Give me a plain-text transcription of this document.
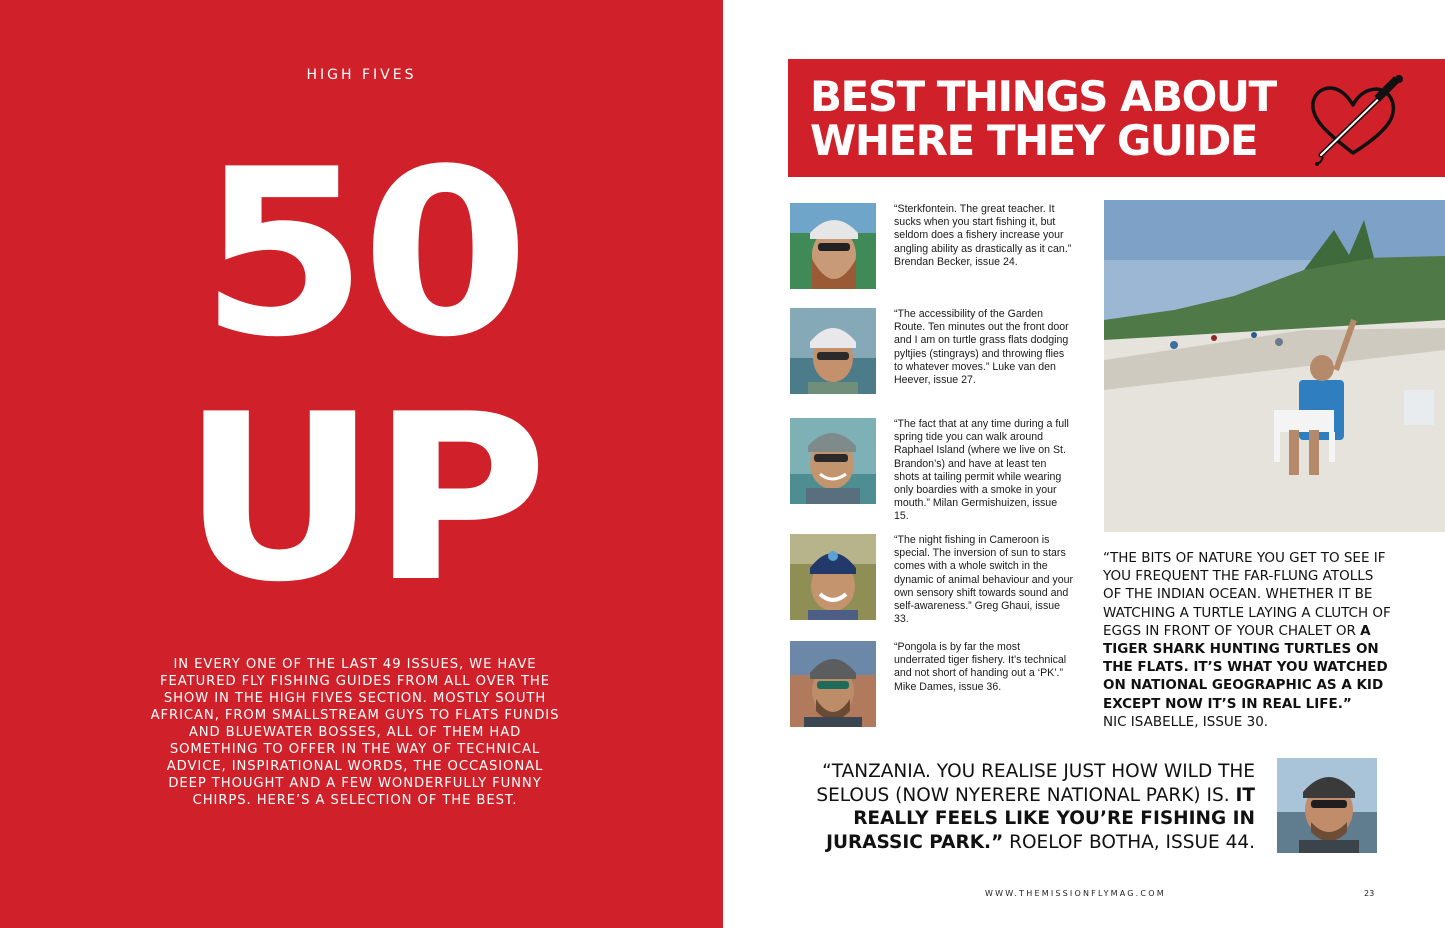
HIGH FIVES
50
UP

IN EVERY ONE OF THE LAST 49 ISSUES, WE HAVE FEATURED FLY FISHING GUIDES FROM ALL OVER THE SHOW IN THE HIGH FIVES SECTION. MOSTLY SOUTH AFRICAN, FROM SMALLSTREAM GUYS TO FLATS FUNDIS AND BLUEWATER BOSSES, ALL OF THEM HAD SOMETHING TO OFFER IN THE WAY OF TECHNICAL ADVICE, INSPIRATIONAL WORDS, THE OCCASIONAL DEEP THOUGHT AND A FEW WONDERFULLY FUNNY CHIRPS. HERE’S A SELECTION OF THE BEST.

BEST THINGS ABOUT WHERE THEY GUIDE

“Sterkfontein. The great teacher. It sucks when you start fishing it, but seldom does a fishery increase your angling ability as drastically as it can.” Brendan Becker, issue 24.

“The accessibility of the Garden Route. Ten minutes out the front door and I am on turtle grass flats dodging pyltjies (stingrays) and throwing flies to whatever moves.” Luke van den Heever, issue 27.

“The fact that at any time during a full spring tide you can walk around Raphael Island (where we live on St. Brandon’s) and have at least ten shots at tailing permit while wearing only boardies with a smoke in your mouth.” Milan Germishuizen, issue 15.

“The night fishing in Cameroon is special. The inversion of sun to stars comes with a whole switch in the dynamic of animal behaviour and your own sensory shift towards sound and self-awareness.” Greg Ghaui, issue 33.

“Pongola is by far the most underrated tiger fishery. It’s technical and not short of handing out a ‘PK’.” Mike Dames, issue 36.

“THE BITS OF NATURE YOU GET TO SEE IF YOU FREQUENT THE FAR-FLUNG ATOLLS OF THE INDIAN OCEAN. WHETHER IT BE WATCHING A TURTLE LAYING A CLUTCH OF EGGS IN FRONT OF YOUR CHALET OR A TIGER SHARK HUNTING TURTLES ON THE FLATS. IT’S WHAT YOU WATCHED ON NATIONAL GEOGRAPHIC AS A KID EXCEPT NOW IT’S IN REAL LIFE.”
NIC ISABELLE, ISSUE 30.

“TANZANIA. YOU REALISE JUST HOW WILD THE SELOUS (NOW NYERERE NATIONAL PARK) IS. IT REALLY FEELS LIKE YOU’RE FISHING IN JURASSIC PARK.” ROELOF BOTHA, ISSUE 44.

WWW.THEMISSIONFLYMAG.COM	23
